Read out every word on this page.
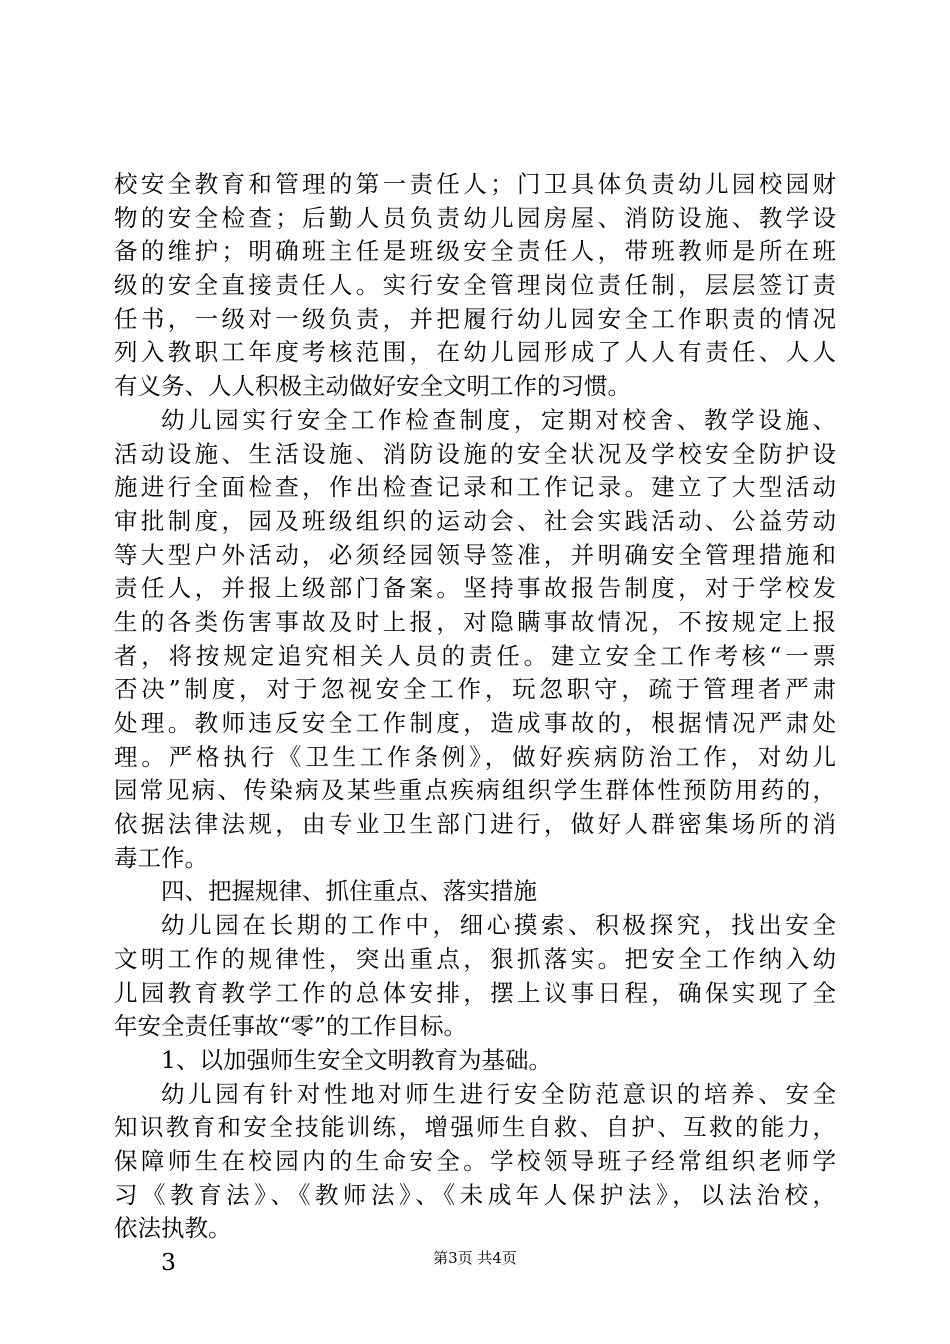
校安全教育和管理的第一责任人；门卫具体负责幼儿园校园财
物的安全检查；后勤人员负责幼儿园房屋、消防设施、教学设
备的维护；明确班主任是班级安全责任人，带班教师是所在班
级的安全直接责任人。实行安全管理岗位责任制，层层签订责
任书，一级对一级负责，并把履行幼儿园安全工作职责的情况
列入教职工年度考核范围，在幼儿园形成了人人有责任、人人
有义务、人人积极主动做好安全文明工作的习惯。
幼儿园实行安全工作检查制度，定期对校舍、教学设施、
活动设施、生活设施、消防设施的安全状况及学校安全防护设
施进行全面检查，作出检查记录和工作记录。建立了大型活动
审批制度，园及班级组织的运动会、社会实践活动、公益劳动
等大型户外活动，必须经园领导签准，并明确安全管理措施和
责任人，并报上级部门备案。坚持事故报告制度，对于学校发
生的各类伤害事故及时上报，对隐瞒事故情况，不按规定上报
者，将按规定追究相关人员的责任。建立安全工作考核“一票
否决”制度，对于忽视安全工作，玩忽职守，疏于管理者严肃
处理。教师违反安全工作制度，造成事故的，根据情况严肃处
理。严格执行《卫生工作条例》，做好疾病防治工作，对幼儿
园常见病、传染病及某些重点疾病组织学生群体性预防用药的，
依据法律法规，由专业卫生部门进行，做好人群密集场所的消
毒工作。
四、把握规律、抓住重点、落实措施
幼儿园在长期的工作中，细心摸索、积极探究，找出安全
文明工作的规律性，突出重点，狠抓落实。把安全工作纳入幼
儿园教育教学工作的总体安排，摆上议事日程，确保实现了全
年安全责任事故“零”的工作目标。
1、以加强师生安全文明教育为基础。
幼儿园有针对性地对师生进行安全防范意识的培养、安全
知识教育和安全技能训练，增强师生自救、自护、互救的能力，
保障师生在校园内的生命安全。学校领导班子经常组织老师学
习《教育法》、《教师法》、《未成年人保护法》，以法治校，
依法执教。
3	第3页 共4页
